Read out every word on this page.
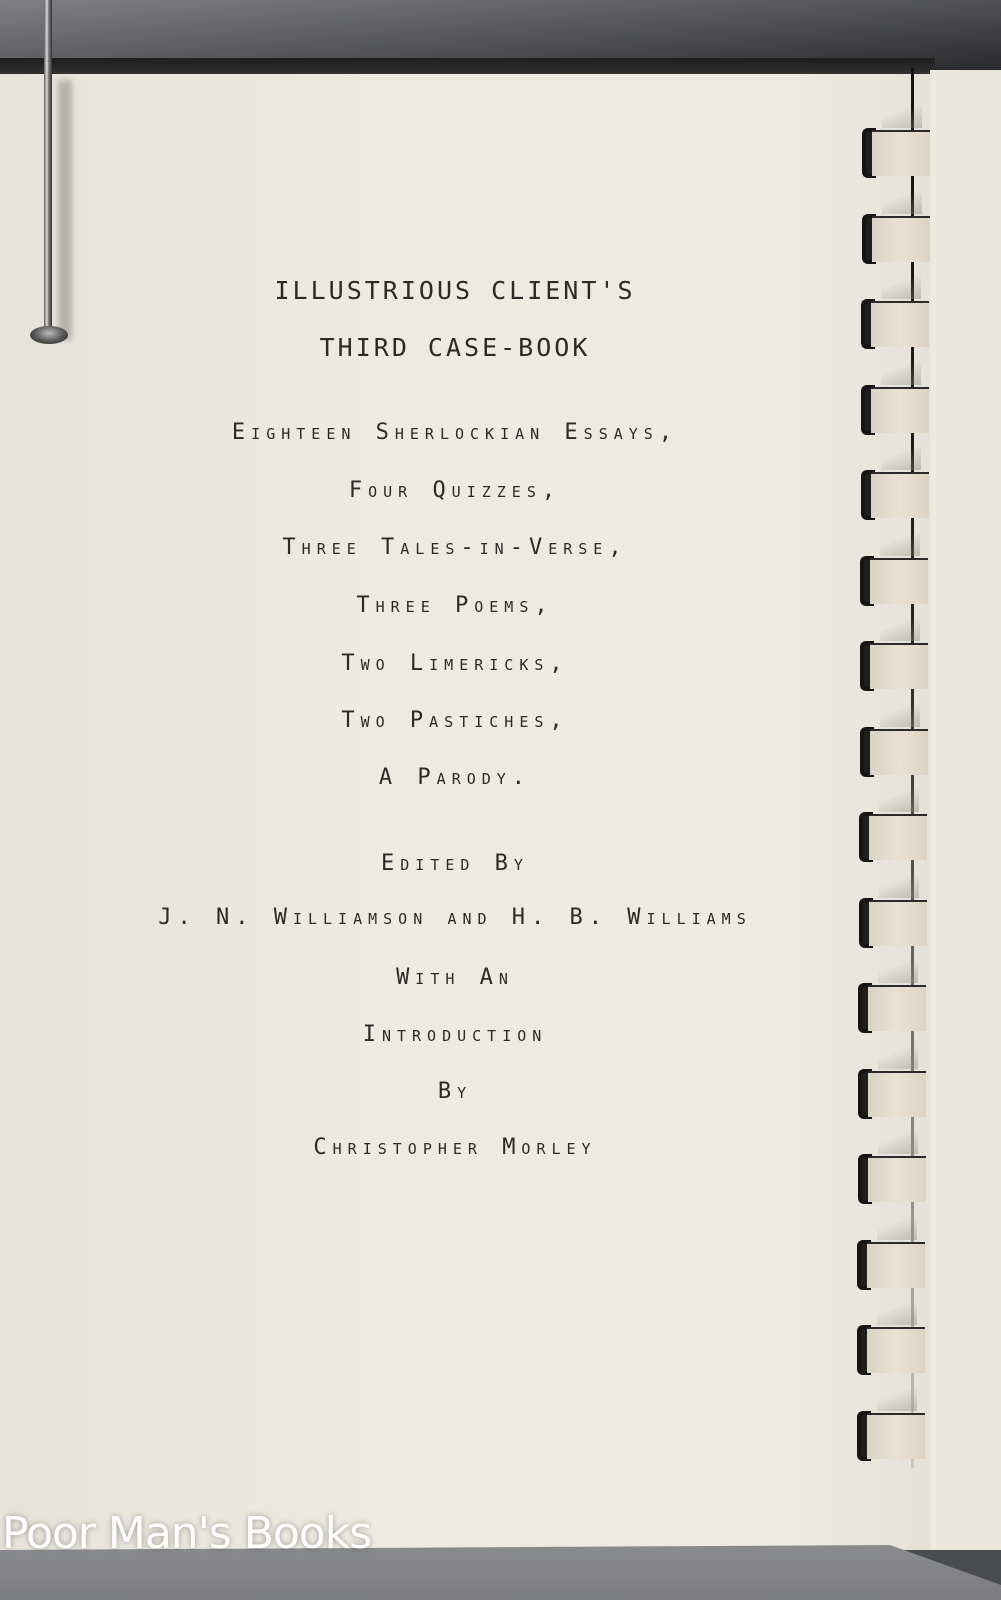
ILLUSTRIOUS CLIENT'S
THIRD CASE-BOOK
Eighteen Sherlockian Essays,
Four Quizzes,
Three Tales-in-Verse,
Three Poems,
Two Limericks,
Two Pastiches,
A Parody.
Edited By
J. N. Williamson and H. B. Williams
With An
Introduction
By
Christopher Morley
Poor Man's Books
